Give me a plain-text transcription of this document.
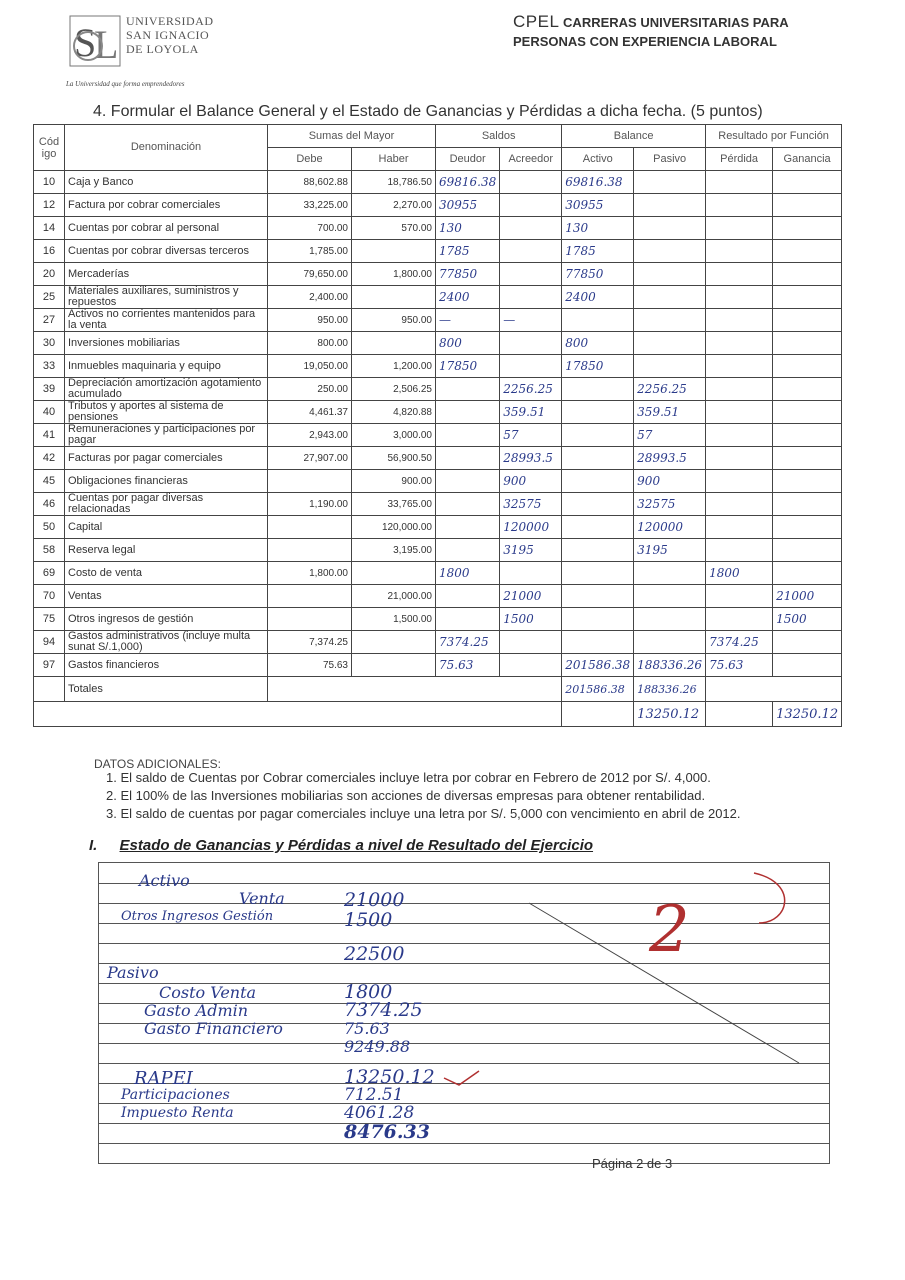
S
L
UNIVERSIDAD
SAN IGNACIO
DE LOYOLA
La Universidad que forma emprendedores
CPEL CARRERAS UNIVERSITARIAS PARA
PERSONAS CON EXPERIENCIA LABORAL
4. Formular el Balance General y el Estado de Ganancias y Pérdidas a dicha fecha. (5 puntos)
Cód igo	Denominación	Sumas del Mayor		Saldos		Balance		Resultado por Función	
		Debe	Haber	Deudor	Acreedor	Activo	Pasivo	Pérdida	Ganancia
10	Caja y Banco	88,602.88	18,786.50	69816.38		69816.38			
12	Factura por cobrar comerciales	33,225.00	2,270.00	30955		30955			
14	Cuentas por cobrar al personal	700.00	570.00	130		130			
16	Cuentas por cobrar diversas terceros	1,785.00		1785		1785			
20	Mercaderías	79,650.00	1,800.00	77850		77850			
25	Materiales auxiliares, suministros y repuestos	2,400.00		2400		2400			
27	Activos no corrientes mantenidos para la venta	950.00	950.00	—	—				
30	Inversiones mobiliarias	800.00		800		800			
33	Inmuebles maquinaria y equipo	19,050.00	1,200.00	17850		17850			
39	Depreciación amortización agotamiento acumulado	250.00	2,506.25		2256.25		2256.25		
40	Tributos y aportes al sistema de pensiones	4,461.37	4,820.88		359.51		359.51		
41	Remuneraciones y participaciones por pagar	2,943.00	3,000.00		57		57		
42	Facturas por pagar comerciales	27,907.00	56,900.50		28993.5		28993.5		
45	Obligaciones financieras		900.00		900		900		
46	Cuentas por pagar diversas relacionadas	1,190.00	33,765.00		32575		32575		
50	Capital		120,000.00		120000		120000		
58	Reserva legal		3,195.00		3195		3195		
69	Costo de venta	1,800.00		1800				1800	
70	Ventas		21,000.00		21000				21000
75	Otros ingresos de gestión		1,500.00		1500				1500
94	Gastos administrativos (incluye multa sunat S/.1,000)	7,374.25		7374.25				7374.25	
97	Gastos financieros	75.63		75.63		201586.38	188336.26	75.63	
	Totales					201586.38	188336.26		
							13250.12		13250.12
DATOS ADICIONALES:
1. El saldo de Cuentas por Cobrar comerciales incluye letra por cobrar en Febrero de 2012 por S/. 4,000.
2. El 100% de las Inversiones mobiliarias son acciones de diversas empresas para obtener rentabilidad.
3. El saldo de cuentas por pagar comerciales incluye una letra por S/. 5,000 con vencimiento en abril de 2012.
I. Estado de Ganancias y Pérdidas a nivel de Resultado del Ejercicio
Activo
Venta	21000
Otros Ingresos Gestión	1500
22500
Pasivo
Costo Venta	1800
Gasto Admin	7374.25
Gasto Financiero	75.63
9249.88
RAPEI	13250.12
Participaciones	712.51
Impuesto Renta	4061.28
8476.33
2
Página 2 de 3
